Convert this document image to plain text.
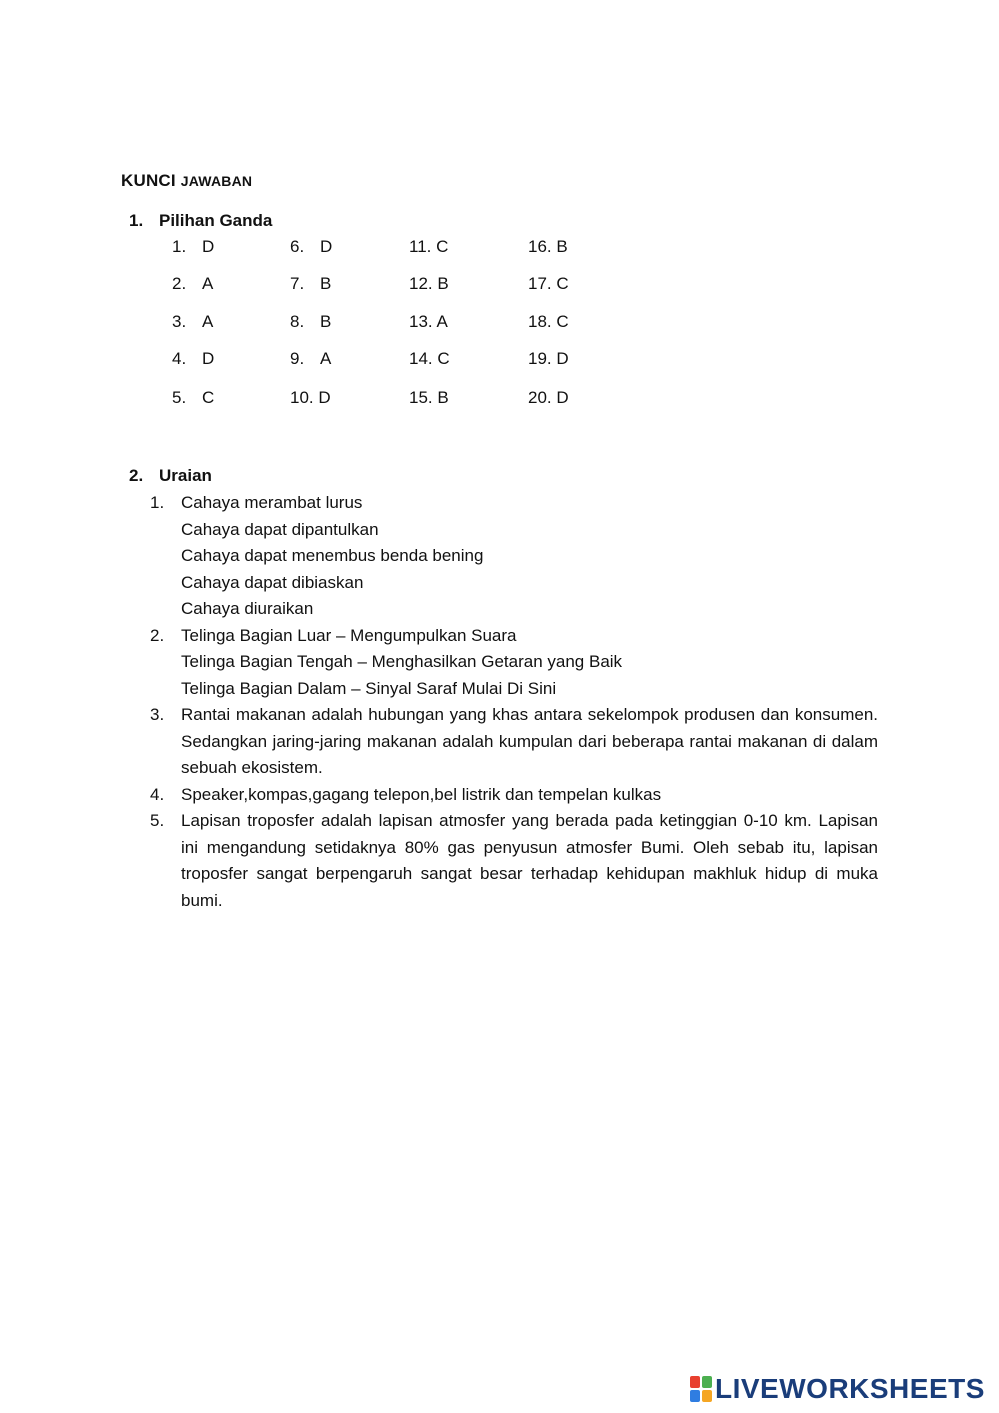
KUNCI JAWABAN
1. Pilihan Ganda
1. D
2. A
3. A
4. D
5. C
6. D
7. B
8. B
9. A
10. D
11. C
12. B
13. A
14. C
15. B
16. B
17. C
18. C
19. D
20. D
2. Uraian
1. Cahaya merambat lurus
Cahaya dapat dipantulkan
Cahaya dapat menembus benda bening
Cahaya dapat dibiaskan
Cahaya diuraikan
2. Telinga Bagian Luar – Mengumpulkan Suara
Telinga Bagian Tengah – Menghasilkan Getaran yang Baik
Telinga Bagian Dalam – Sinyal Saraf Mulai Di Sini
3. Rantai makanan adalah hubungan yang khas antara sekelompok produsen dan konsumen. Sedangkan jaring-jaring makanan adalah kumpulan dari beberapa rantai makanan di dalam sebuah ekosistem.
4. Speaker,kompas,gagang telepon,bel listrik dan tempelan kulkas
5. Lapisan troposfer adalah lapisan atmosfer yang berada pada ketinggian 0-10 km. Lapisan ini mengandung setidaknya 80% gas penyusun atmosfer Bumi. Oleh sebab itu, lapisan troposfer sangat berpengaruh sangat besar terhadap kehidupan makhluk hidup di muka bumi.
LIVEWORKSHEETS
